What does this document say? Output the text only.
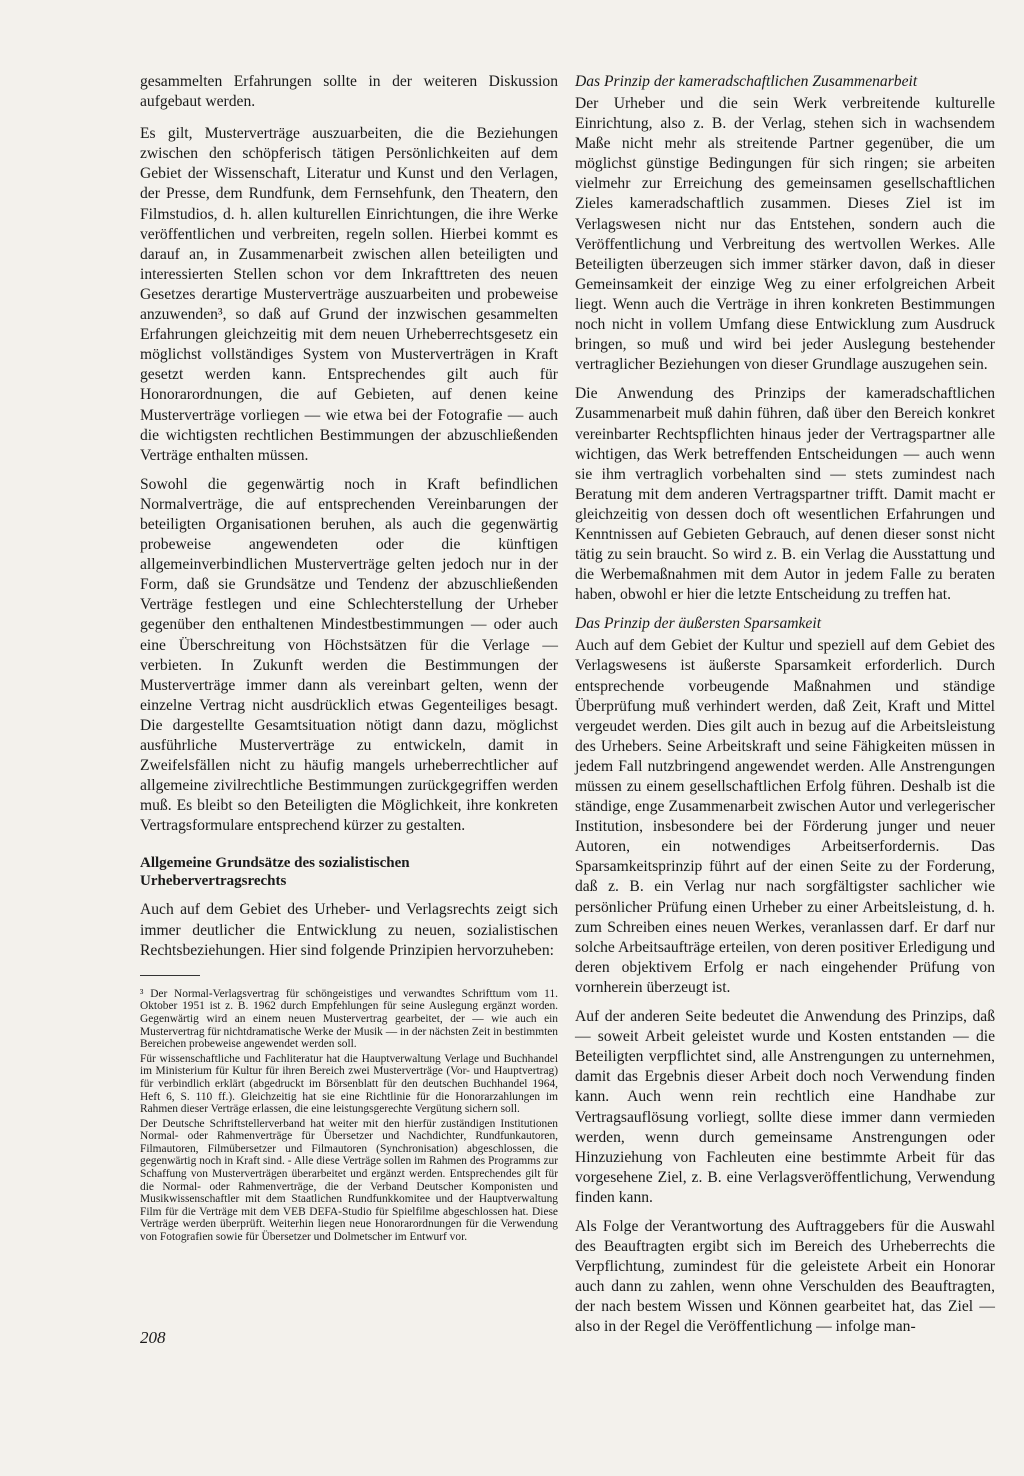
gesammelten Erfahrungen sollte in der weiteren Diskussion aufgebaut werden.

Es gilt, Musterverträge auszuarbeiten, die die Beziehungen zwischen den schöpferisch tätigen Persönlichkeiten auf dem Gebiet der Wissenschaft, Literatur und Kunst und den Verlagen, der Presse, dem Rundfunk, dem Fernsehfunk, den Theatern, den Filmstudios, d. h. allen kulturellen Einrichtungen, die ihre Werke veröffentlichen und verbreiten, regeln sollen. Hierbei kommt es darauf an, in Zusammenarbeit zwischen allen beteiligten und interessierten Stellen schon vor dem Inkrafttreten des neuen Gesetzes derartige Musterverträge auszuarbeiten und probeweise anzuwenden³, so daß auf Grund der inzwischen gesammelten Erfahrungen gleichzeitig mit dem neuen Urheberrechtsgesetz ein möglichst vollständiges System von Musterverträgen in Kraft gesetzt werden kann. Entsprechendes gilt auch für Honorarordnungen, die auf Gebieten, auf denen keine Musterverträge vorliegen — wie etwa bei der Fotografie — auch die wichtigsten rechtlichen Bestimmungen der abzuschließenden Verträge enthalten müssen.

Sowohl die gegenwärtig noch in Kraft befindlichen Normalverträge, die auf entsprechenden Vereinbarungen der beteiligten Organisationen beruhen, als auch die gegenwärtig probeweise angewendeten oder die künftigen allgemeinverbindlichen Musterverträge gelten jedoch nur in der Form, daß sie Grundsätze und Tendenz der abzuschließenden Verträge festlegen und eine Schlechterstellung der Urheber gegenüber den enthaltenen Mindestbestimmungen — oder auch eine Überschreitung von Höchstsätzen für die Verlage — verbieten. In Zukunft werden die Bestimmungen der Musterverträge immer dann als vereinbart gelten, wenn der einzelne Vertrag nicht ausdrücklich etwas Gegenteiliges besagt. Die dargestellte Gesamtsituation nötigt dann dazu, möglichst ausführliche Musterverträge zu entwickeln, damit in Zweifelsfällen nicht zu häufig mangels urheberrechtlicher auf allgemeine zivilrechtliche Bestimmungen zurückgegriffen werden muß. Es bleibt so den Beteiligten die Möglichkeit, ihre konkreten Vertragsformulare entsprechend kürzer zu gestalten.

Allgemeine Grundsätze des sozialistischen Urhebervertragsrechts

Auch auf dem Gebiet des Urheber- und Verlagsrechts zeigt sich immer deutlicher die Entwicklung zu neuen, sozialistischen Rechtsbeziehungen. Hier sind folgende Prinzipien hervorzuheben:

³ Der Normal-Verlagsvertrag für schöngeistiges und verwandtes Schrifttum vom 11. Oktober 1951 ist z. B. 1962 durch Empfehlungen für seine Auslegung ergänzt worden. Gegenwärtig wird an einem neuen Mustervertrag gearbeitet, der — wie auch ein Mustervertrag für nichtdramatische Werke der Musik — in der nächsten Zeit in bestimmten Bereichen probeweise angewendet werden soll.

Für wissenschaftliche und Fachliteratur hat die Hauptverwaltung Verlage und Buchhandel im Ministerium für Kultur für ihren Bereich zwei Musterverträge (Vor- und Hauptvertrag) für verbindlich erklärt (abgedruckt im Börsenblatt für den deutschen Buchhandel 1964, Heft 6, S. 110 ff.). Gleichzeitig hat sie eine Richtlinie für die Honorarzahlungen im Rahmen dieser Verträge erlassen, die eine leistungsgerechte Vergütung sichern soll.

Der Deutsche Schriftstellerverband hat weiter mit den hierfür zuständigen Institutionen Normal- oder Rahmenverträge für Übersetzer und Nachdichter, Rundfunkautoren, Filmautoren, Filmübersetzer und Filmautoren (Synchronisation) abgeschlossen, die gegenwärtig noch in Kraft sind. - Alle diese Verträge sollen im Rahmen des Programms zur Schaffung von Musterverträgen überarbeitet und ergänzt werden. Entsprechendes gilt für die Normal- oder Rahmenverträge, die der Verband Deutscher Komponisten und Musikwissenschaftler mit dem Staatlichen Rundfunkkomitee und der Hauptverwaltung Film für die Verträge mit dem VEB DEFA-Studio für Spielfilme abgeschlossen hat. Diese Verträge werden überprüft. Weiterhin liegen neue Honorarordnungen für die Verwendung von Fotografien sowie für Übersetzer und Dolmetscher im Entwurf vor.

Das Prinzip der kameradschaftlichen Zusammenarbeit

Der Urheber und die sein Werk verbreitende kulturelle Einrichtung, also z. B. der Verlag, stehen sich in wachsendem Maße nicht mehr als streitende Partner gegenüber, die um möglichst günstige Bedingungen für sich ringen; sie arbeiten vielmehr zur Erreichung des gemeinsamen gesellschaftlichen Zieles kameradschaftlich zusammen. Dieses Ziel ist im Verlagswesen nicht nur das Entstehen, sondern auch die Veröffentlichung und Verbreitung des wertvollen Werkes. Alle Beteiligten überzeugen sich immer stärker davon, daß in dieser Gemeinsamkeit der einzige Weg zu einer erfolgreichen Arbeit liegt. Wenn auch die Verträge in ihren konkreten Bestimmungen noch nicht in vollem Umfang diese Entwicklung zum Ausdruck bringen, so muß und wird bei jeder Auslegung bestehender vertraglicher Beziehungen von dieser Grundlage auszugehen sein.

Die Anwendung des Prinzips der kameradschaftlichen Zusammenarbeit muß dahin führen, daß über den Bereich konkret vereinbarter Rechtspflichten hinaus jeder der Vertragspartner alle wichtigen, das Werk betreffenden Entscheidungen — auch wenn sie ihm vertraglich vorbehalten sind — stets zumindest nach Beratung mit dem anderen Vertragspartner trifft. Damit macht er gleichzeitig von dessen doch oft wesentlichen Erfahrungen und Kenntnissen auf Gebieten Gebrauch, auf denen dieser sonst nicht tätig zu sein braucht. So wird z. B. ein Verlag die Ausstattung und die Werbemaßnahmen mit dem Autor in jedem Falle zu beraten haben, obwohl er hier die letzte Entscheidung zu treffen hat.

Das Prinzip der äußersten Sparsamkeit

Auch auf dem Gebiet der Kultur und speziell auf dem Gebiet des Verlagswesens ist äußerste Sparsamkeit erforderlich. Durch entsprechende vorbeugende Maßnahmen und ständige Überprüfung muß verhindert werden, daß Zeit, Kraft und Mittel vergeudet werden. Dies gilt auch in bezug auf die Arbeitsleistung des Urhebers. Seine Arbeitskraft und seine Fähigkeiten müssen in jedem Fall nutzbringend angewendet werden. Alle Anstrengungen müssen zu einem gesellschaftlichen Erfolg führen. Deshalb ist die ständige, enge Zusammenarbeit zwischen Autor und verlegerischer Institution, insbesondere bei der Förderung junger und neuer Autoren, ein notwendiges Arbeitserfordernis. Das Sparsamkeitsprinzip führt auf der einen Seite zu der Forderung, daß z. B. ein Verlag nur nach sorgfältigster sachlicher wie persönlicher Prüfung einen Urheber zu einer Arbeitsleistung, d. h. zum Schreiben eines neuen Werkes, veranlassen darf. Er darf nur solche Arbeitsaufträge erteilen, von deren positiver Erledigung und deren objektivem Erfolg er nach eingehender Prüfung von vornherein überzeugt ist.

Auf der anderen Seite bedeutet die Anwendung des Prinzips, daß — soweit Arbeit geleistet wurde und Kosten entstanden — die Beteiligten verpflichtet sind, alle Anstrengungen zu unternehmen, damit das Ergebnis dieser Arbeit doch noch Verwendung finden kann. Auch wenn rein rechtlich eine Handhabe zur Vertragsauflösung vorliegt, sollte diese immer dann vermieden werden, wenn durch gemeinsame Anstrengungen oder Hinzuziehung von Fachleuten eine bestimmte Arbeit für das vorgesehene Ziel, z. B. eine Verlagsveröffentlichung, Verwendung finden kann.

Als Folge der Verantwortung des Auftraggebers für die Auswahl des Beauftragten ergibt sich im Bereich des Urheberrechts die Verpflichtung, zumindest für die geleistete Arbeit ein Honorar auch dann zu zahlen, wenn ohne Verschulden des Beauftragten, der nach bestem Wissen und Können gearbeitet hat, das Ziel — also in der Regel die Veröffentlichung — infolge man-

208
